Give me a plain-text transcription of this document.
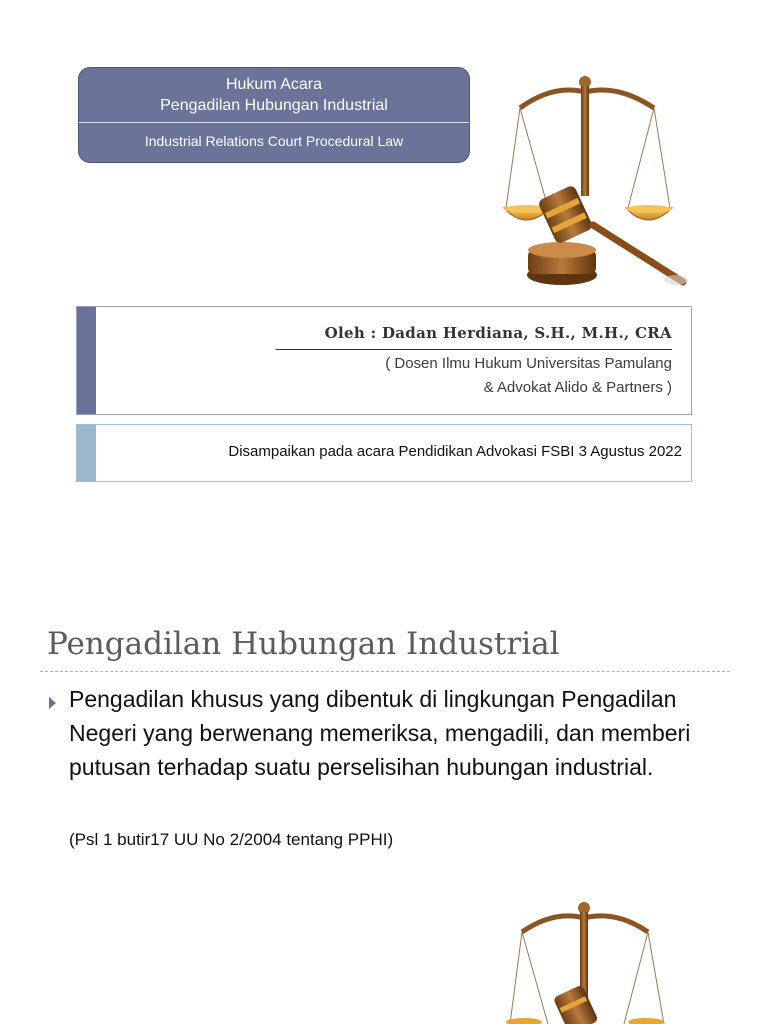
Hukum Acara
Pengadilan Hubungan Industrial
Industrial Relations Court Procedural Law
Oleh : Dadan Herdiana, S.H., M.H., CRA
( Dosen Ilmu Hukum Universitas Pamulang
& Advokat Alido & Partners )
Disampaikan pada acara Pendidikan Advokasi FSBI 3 Agustus 2022
Pengadilan Hubungan Industrial
Pengadilan khusus yang dibentuk di lingkungan Pengadilan Negeri yang berwenang memeriksa, mengadili, dan memberi putusan terhadap suatu perselisihan hubungan industrial.
(Psl 1 butir17 UU No 2/2004 tentang PPHI)
